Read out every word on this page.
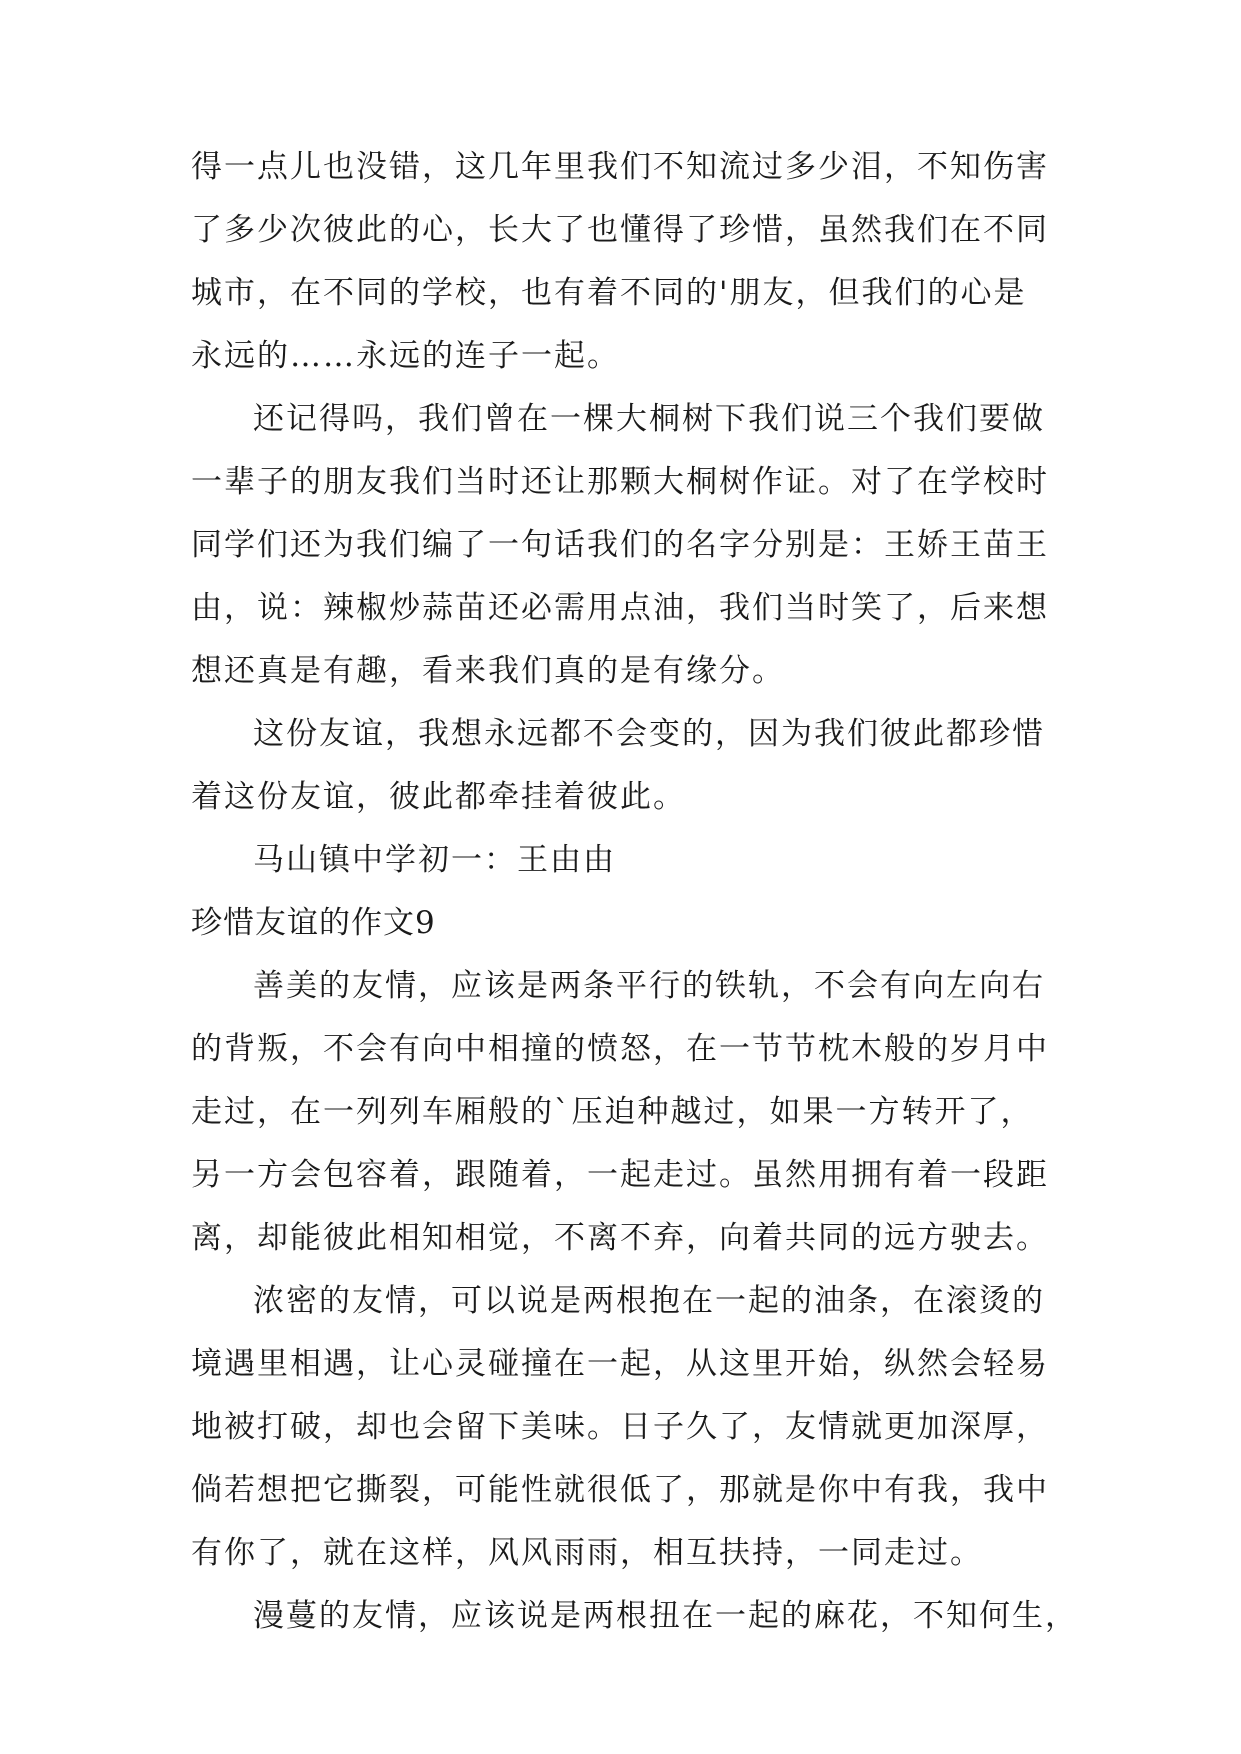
得一点儿也没错，这几年里我们不知流过多少泪，不知伤害
了多少次彼此的心，长大了也懂得了珍惜，虽然我们在不同
城市，在不同的学校，也有着不同的'朋友，但我们的心是
永远的……永远的连子一起。
还记得吗，我们曾在一棵大桐树下我们说三个我们要做
一辈子的朋友我们当时还让那颗大桐树作证。对了在学校时
同学们还为我们编了一句话我们的名字分别是：王娇王苗王
由，说：辣椒炒蒜苗还必需用点油，我们当时笑了，后来想
想还真是有趣，看来我们真的是有缘分。
这份友谊，我想永远都不会变的，因为我们彼此都珍惜
着这份友谊，彼此都牵挂着彼此。
马山镇中学初一：王由由
珍惜友谊的作文9
善美的友情，应该是两条平行的铁轨，不会有向左向右
的背叛，不会有向中相撞的愤怒，在一节节枕木般的岁月中
走过，在一列列车厢般的`压迫种越过，如果一方转开了，
另一方会包容着，跟随着，一起走过。虽然用拥有着一段距
离，却能彼此相知相觉，不离不弃，向着共同的远方驶去。
浓密的友情，可以说是两根抱在一起的油条，在滚烫的
境遇里相遇，让心灵碰撞在一起，从这里开始，纵然会轻易
地被打破，却也会留下美味。日子久了，友情就更加深厚，
倘若想把它撕裂，可能性就很低了，那就是你中有我，我中
有你了，就在这样，风风雨雨，相互扶持，一同走过。
漫蔓的友情，应该说是两根扭在一起的麻花，不知何生，
